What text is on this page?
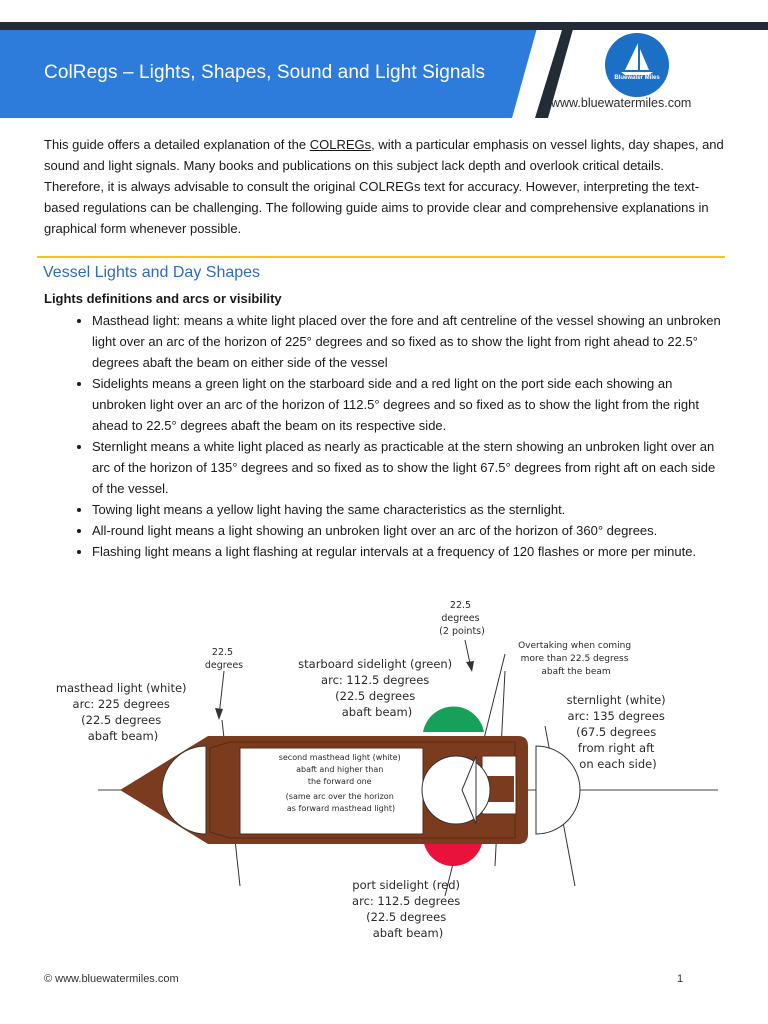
ColRegs – Lights, Shapes, Sound and Light Signals	Bluewater Miles
www.bluewatermiles.com

This guide offers a detailed explanation of the COLREGs, with a particular emphasis on vessel lights, day shapes, and sound and light signals. Many books and publications on this subject lack depth and overlook critical details. Therefore, it is always advisable to consult the original COLREGs text for accuracy. However, interpreting the text-based regulations can be challenging. The following guide aims to provide clear and comprehensive explanations in graphical form whenever possible.

Vessel Lights and Day Shapes
Lights definitions and arcs or visibility
• Masthead light: means a white light placed over the fore and aft centreline of the vessel showing an unbroken light over an arc of the horizon of 225° degrees and so fixed as to show the light from right ahead to 22.5° degrees abaft the beam on either side of the vessel
• Sidelights means a green light on the starboard side and a red light on the port side each showing an unbroken light over an arc of the horizon of 112.5° degrees and so fixed as to show the light from the right ahead to 22.5° degrees abaft the beam on its respective side.
• Sternlight means a white light placed as nearly as practicable at the stern showing an unbroken light over an arc of the horizon of 135° degrees and so fixed as to show the light 67.5° degrees from right aft on each side of the vessel.
• Towing light means a yellow light having the same characteristics as the sternlight.
• All-round light means a light showing an unbroken light over an arc of the horizon of 360° degrees.
• Flashing light means a light flashing at regular intervals at a frequency of 120 flashes or more per minute.
22.5 degrees
masthead light (white) arc: 225 degrees (22.5 degrees abaft beam)
22.5 degrees (2 points)
starboard sidelight (green) arc: 112.5 degrees (22.5 degrees abaft beam)
Overtaking when coming more than 22.5 degress abaft the beam
sternlight (white) arc: 135 degrees (67.5 degrees from right aft on each side)
second masthead light (white) abaft and higher than the forward one (same arc over the horizon as forward masthead light)
port sidelight (red) arc: 112.5 degrees (22.5 degrees abaft beam)
© www.bluewatermiles.com	1
